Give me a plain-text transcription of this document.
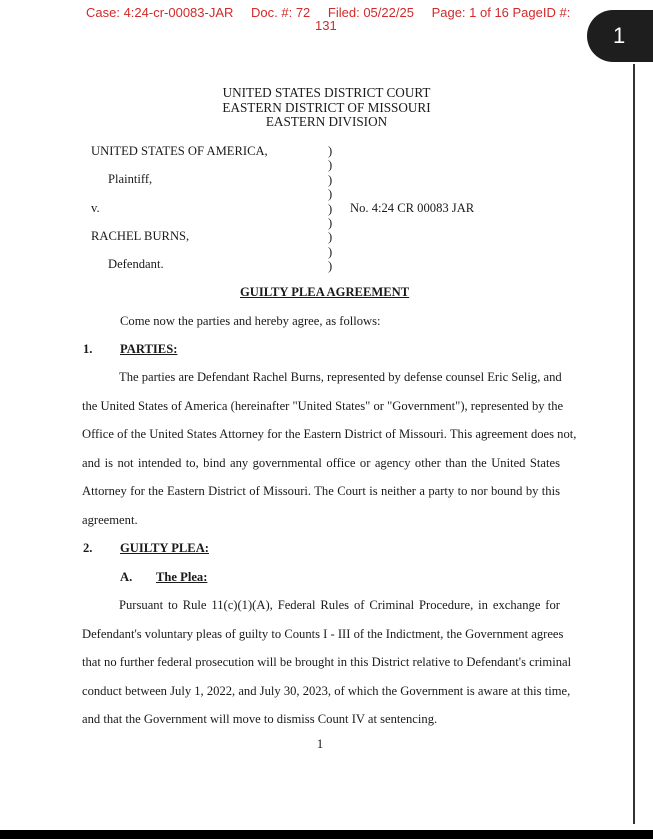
Case: 4:24-cr-00083-JAR Doc. #: 72 Filed: 05/22/25 Page: 1 of 16 PageID #:
131	1
UNITED STATES DISTRICT COURT
EASTERN DISTRICT OF MISSOURI
EASTERN DIVISION
UNITED STATES OF AMERICA,
Plaintiff,
v.	No. 4:24 CR 00083 JAR
RACHEL BURNS,
Defendant.
)
)
)
)
)
)
)
)
)
GUILTY PLEA AGREEMENT
Come now the parties and hereby agree, as follows:
1. PARTIES:
The parties are Defendant Rachel Burns, represented by defense counsel Eric Selig, and
the United States of America (hereinafter "United States" or "Government"), represented by the
Office of the United States Attorney for the Eastern District of Missouri. This agreement does not,
and is not intended to, bind any governmental office or agency other than the United States
Attorney for the Eastern District of Missouri. The Court is neither a party to nor bound by this
agreement.
2. GUILTY PLEA:
A. The Plea:
Pursuant to Rule 11(c)(1)(A), Federal Rules of Criminal Procedure, in exchange for
Defendant's voluntary pleas of guilty to Counts I - III of the Indictment, the Government agrees
that no further federal prosecution will be brought in this District relative to Defendant's criminal
conduct between July 1, 2022, and July 30, 2023, of which the Government is aware at this time,
and that the Government will move to dismiss Count IV at sentencing.
1
